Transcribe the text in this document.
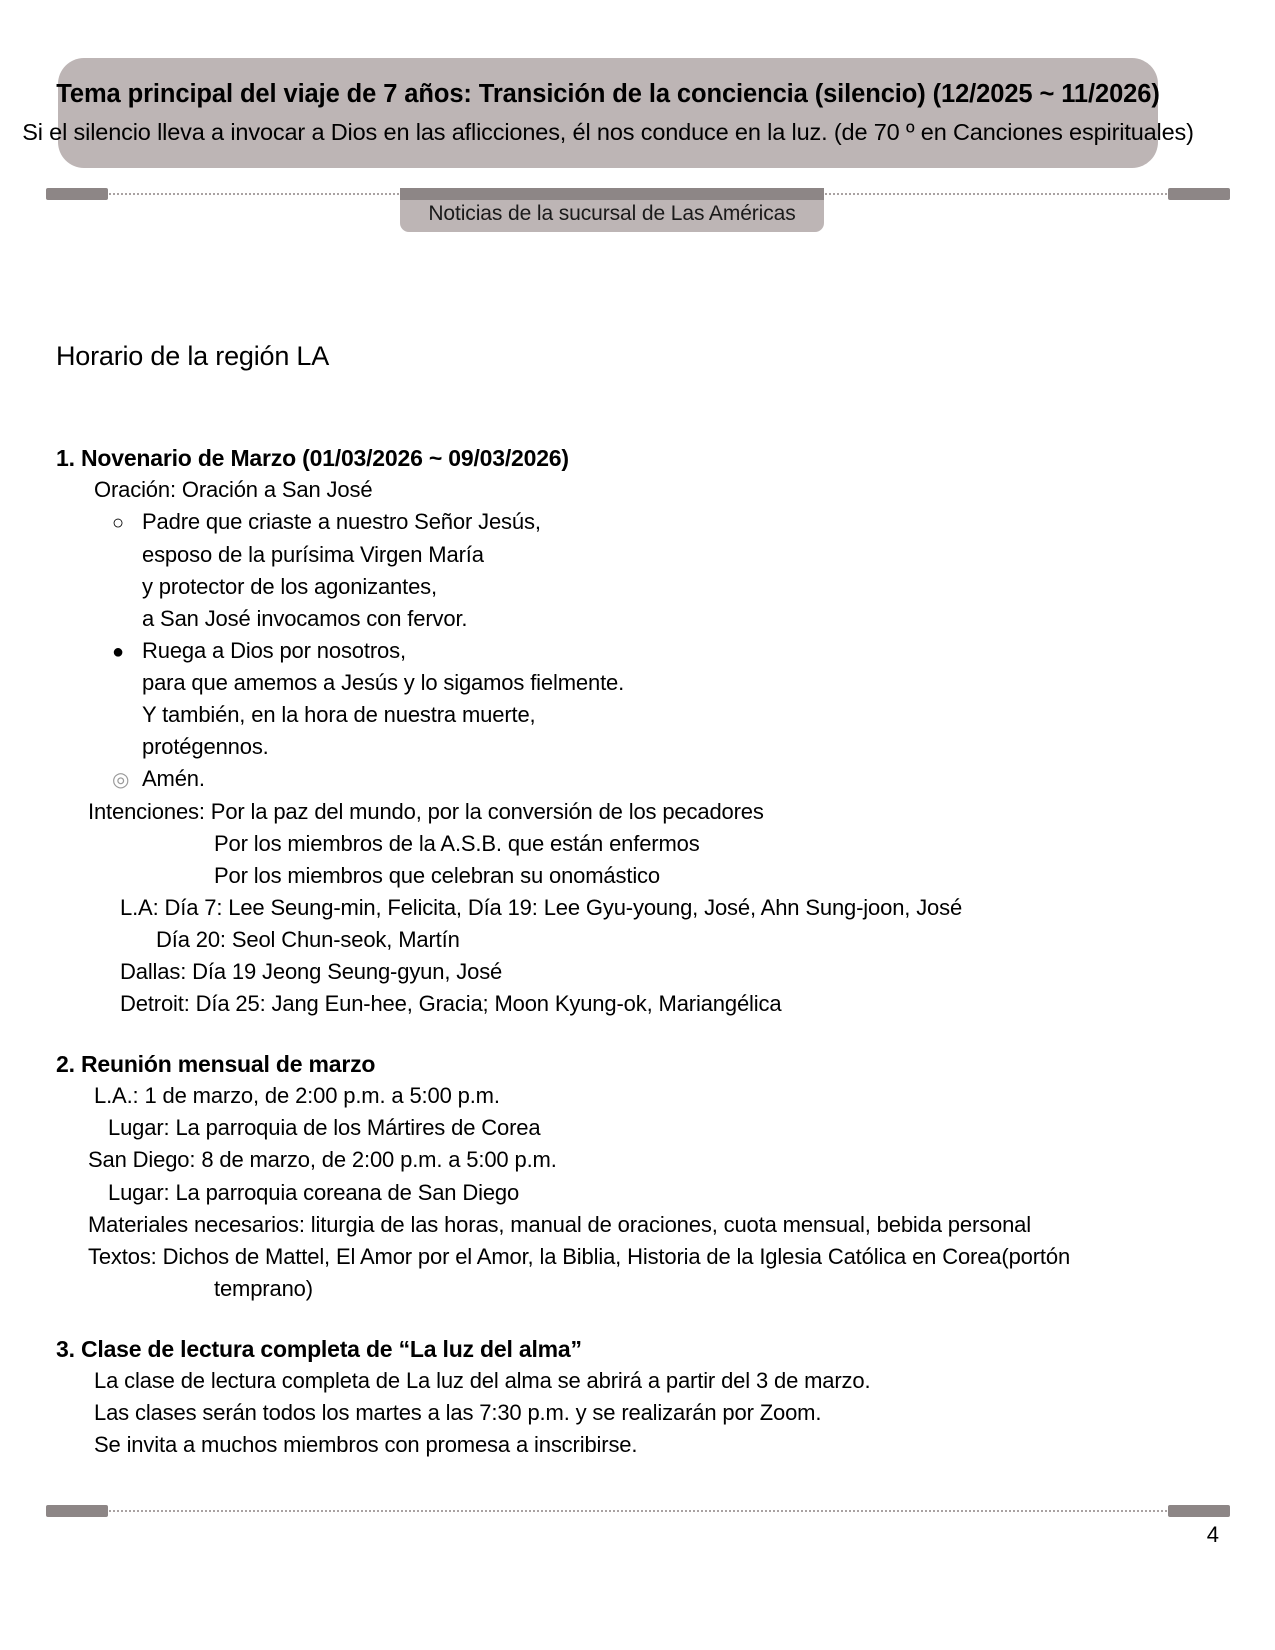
Tema principal del viaje de 7 años: Transición de la conciencia (silencio) (12/2025 ~ 11/2026)
Si el silencio lleva a invocar a Dios en las aflicciones, él nos conduce en la luz. (de 70 º en Canciones espirituales)
Noticias de la sucursal de Las Américas
Horario de la región LA
1. Novenario de Marzo (01/03/2026 ~ 09/03/2026)
Oración: Oración a San José
○ Padre que criaste a nuestro Señor Jesús,
esposo de la purísima Virgen María
y protector de los agonizantes,
a San José invocamos con fervor.
● Ruega a Dios por nosotros,
para que amemos a Jesús y lo sigamos fielmente.
Y también, en la hora de nuestra muerte,
protégennos.
◎ Amén.
Intenciones: Por la paz del mundo, por la conversión de los pecadores
Por los miembros de la A.S.B. que están enfermos
Por los miembros que celebran su onomástico
L.A: Día 7: Lee Seung-min, Felicita, Día 19: Lee Gyu-young, José, Ahn Sung-joon, José
Día 20: Seol Chun-seok, Martín
Dallas: Día 19 Jeong Seung-gyun, José
Detroit: Día 25: Jang Eun-hee, Gracia; Moon Kyung-ok, Mariangélica
2. Reunión mensual de marzo
L.A.: 1 de marzo, de 2:00 p.m. a 5:00 p.m.
Lugar: La parroquia de los Mártires de Corea
San Diego: 8 de marzo, de 2:00 p.m. a 5:00 p.m.
Lugar: La parroquia coreana de San Diego
Materiales necesarios: liturgia de las horas, manual de oraciones, cuota mensual, bebida personal
Textos: Dichos de Mattel, El Amor por el Amor, la Biblia, Historia de la Iglesia Católica en Corea(portón
temprano)
3. Clase de lectura completa de “La luz del alma”
La clase de lectura completa de La luz del alma se abrirá a partir del 3 de marzo.
Las clases serán todos los martes a las 7:30 p.m. y se realizarán por Zoom.
Se invita a muchos miembros con promesa a inscribirse.
4
